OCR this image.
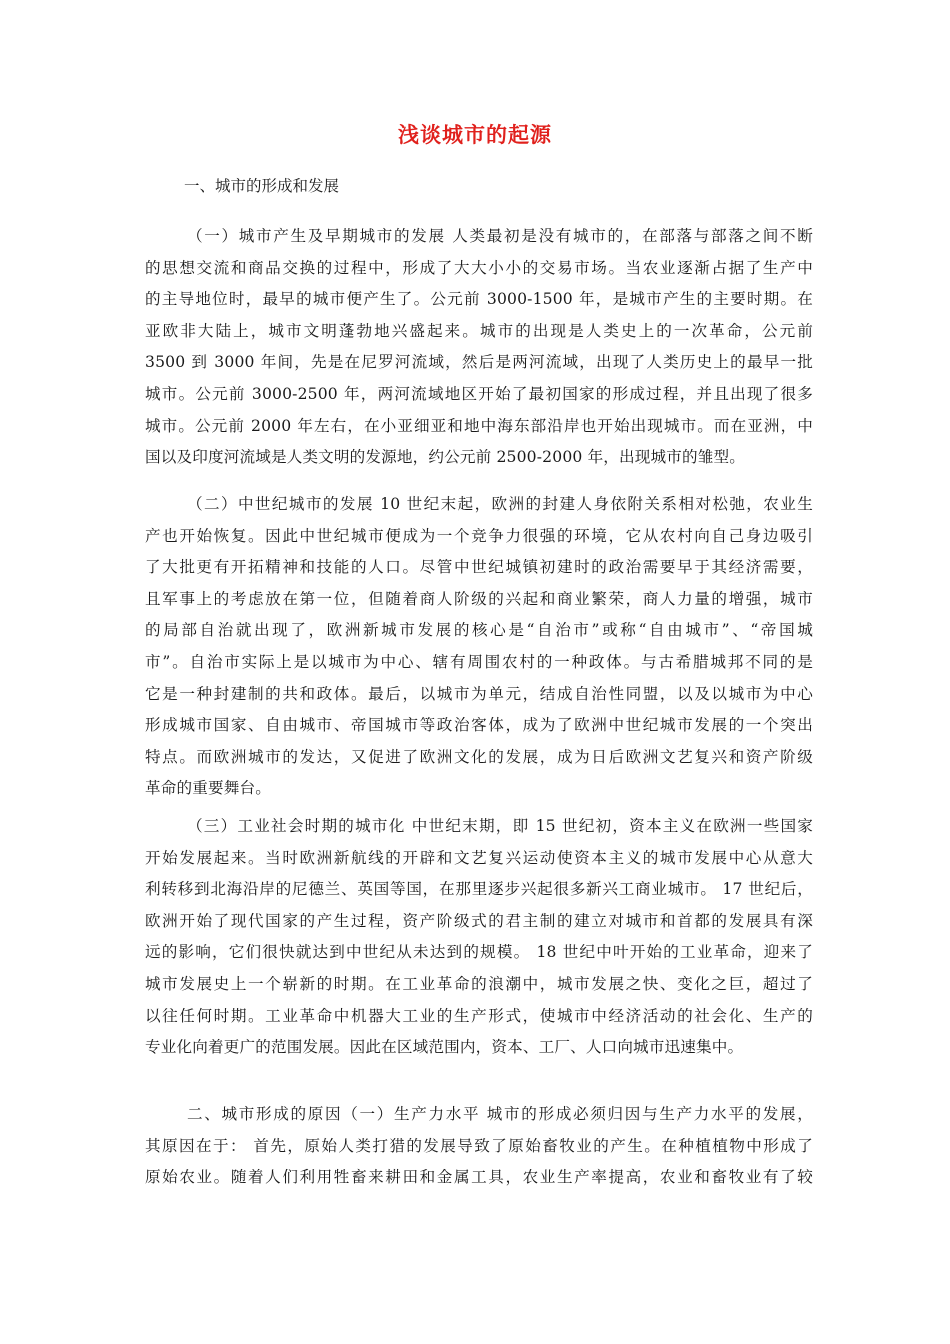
浅谈城市的起源
一、城市的形成和发展
（一）城市产生及早期城市的发展 人类最初是没有城市的，在部落与部落之间不断
的思想交流和商品交换的过程中，形成了大大小小的交易市场。当农业逐渐占据了生产中
的主导地位时，最早的城市便产生了。公元前 3000-1500 年，是城市产生的主要时期。在
亚欧非大陆上，城市文明蓬勃地兴盛起来。城市的出现是人类史上的一次革命，公元前
3500 到 3000 年间，先是在尼罗河流域，然后是两河流域，出现了人类历史上的最早一批
城市。公元前 3000-2500 年，两河流域地区开始了最初国家的形成过程，并且出现了很多
城市。公元前 2000 年左右，在小亚细亚和地中海东部沿岸也开始出现城市。而在亚洲，中
国以及印度河流域是人类文明的发源地，约公元前 2500-2000 年，出现城市的雏型。
（二）中世纪城市的发展 10 世纪末起，欧洲的封建人身依附关系相对松弛，农业生
产也开始恢复。因此中世纪城市便成为一个竞争力很强的环境，它从农村向自己身边吸引
了大批更有开拓精神和技能的人口。尽管中世纪城镇初建时的政治需要早于其经济需要，
且军事上的考虑放在第一位，但随着商人阶级的兴起和商业繁荣，商人力量的增强，城市
的局部自治就出现了，欧洲新城市发展的核心是“自治市”或称“自由城市”、“帝国城
市”。自治市实际上是以城市为中心、辖有周围农村的一种政体。与古希腊城邦不同的是
它是一种封建制的共和政体。最后，以城市为单元，结成自治性同盟，以及以城市为中心
形成城市国家、自由城市、帝国城市等政治客体，成为了欧洲中世纪城市发展的一个突出
特点。而欧洲城市的发达，又促进了欧洲文化的发展，成为日后欧洲文艺复兴和资产阶级
革命的重要舞台。
（三）工业社会时期的城市化 中世纪末期，即 15 世纪初，资本主义在欧洲一些国家
开始发展起来。当时欧洲新航线的开辟和文艺复兴运动使资本主义的城市发展中心从意大
利转移到北海沿岸的尼德兰、英国等国，在那里逐步兴起很多新兴工商业城市。 17 世纪后，
欧洲开始了现代国家的产生过程，资产阶级式的君主制的建立对城市和首都的发展具有深
远的影响，它们很快就达到中世纪从未达到的规模。 18 世纪中叶开始的工业革命，迎来了
城市发展史上一个崭新的时期。在工业革命的浪潮中，城市发展之快、变化之巨，超过了
以往任何时期。工业革命中机器大工业的生产形式，使城市中经济活动的社会化、生产的
专业化向着更广的范围发展。因此在区域范围内，资本、工厂、人口向城市迅速集中。
二、城市形成的原因（一）生产力水平 城市的形成必须归因与生产力水平的发展，
其原因在于： 首先，原始人类打猎的发展导致了原始畜牧业的产生。在种植植物中形成了
原始农业。随着人们利用牲畜来耕田和金属工具，农业生产率提高，农业和畜牧业有了较
